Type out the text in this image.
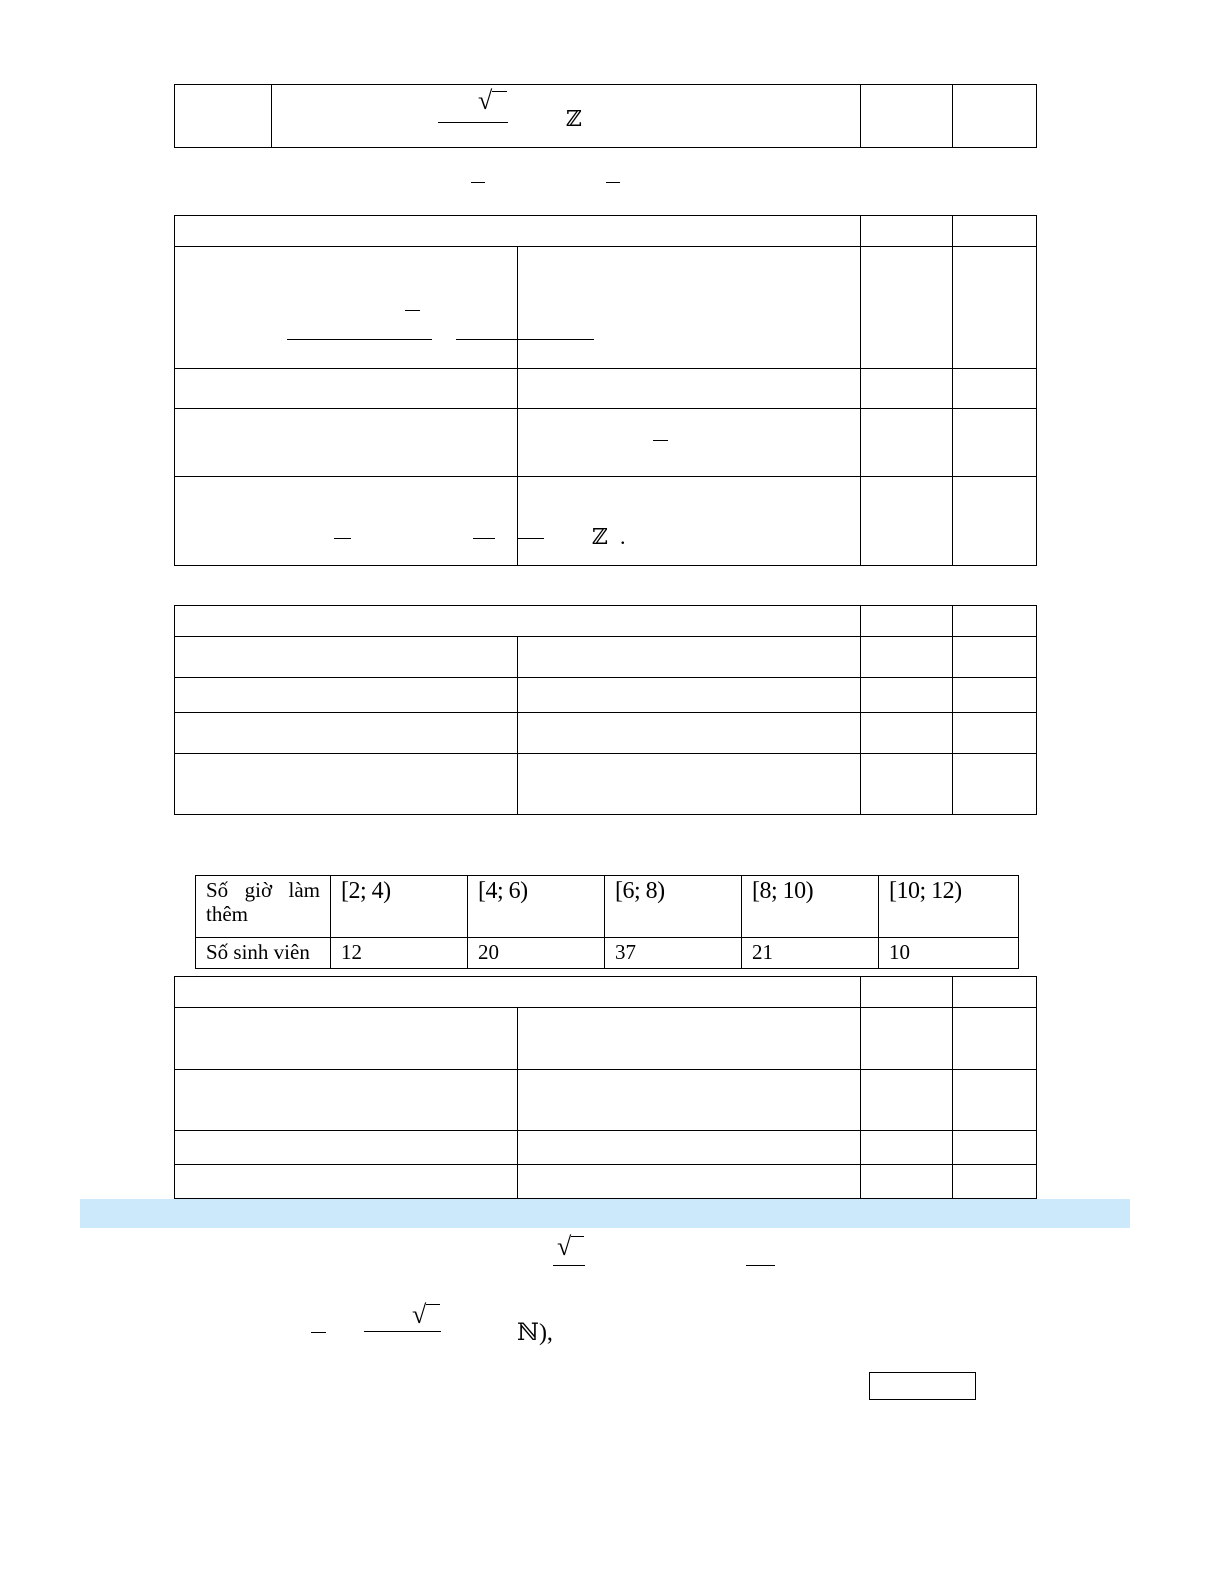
√
ℤ

ℤ .

Số giờ làm thêm	[2; 4)	[4; 6)	[6; 8)	[8; 10)	[10; 12)
Số sinh viên	12	20	37	21	10

√
√
ℕ),
